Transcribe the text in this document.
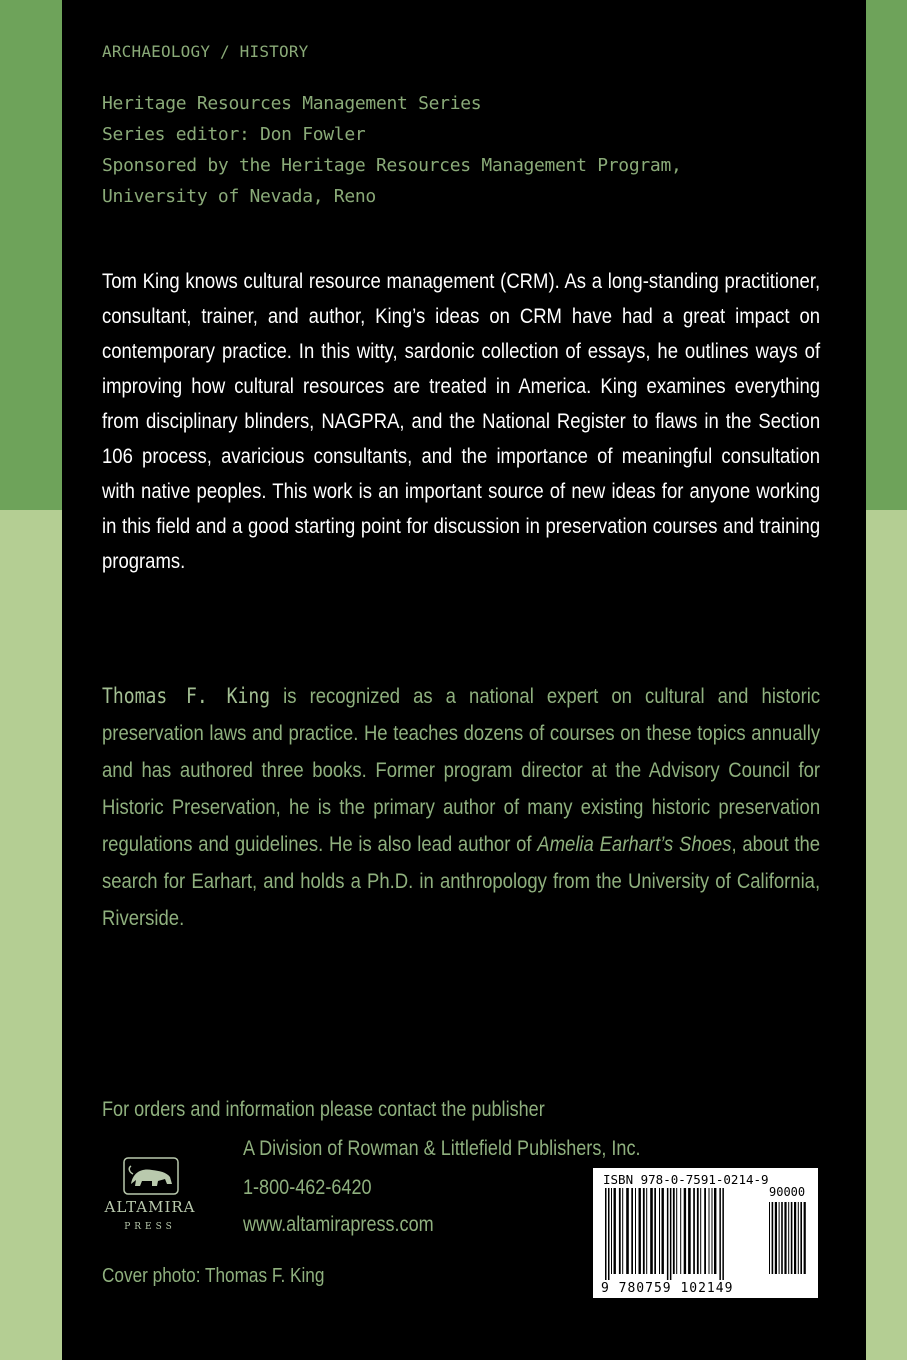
ARCHAEOLOGY / HISTORY
Heritage Resources Management Series
Series editor: Don Fowler
Sponsored by the Heritage Resources Management Program,
University of Nevada, Reno
Tom King knows cultural resource management (CRM). As a long-standing practitioner, consultant, trainer, and author, King’s ideas on CRM have had a great impact on contemporary practice. In this witty, sardonic collection of essays, he outlines ways of improving how cultural resources are treated in America. King examines everything from disciplinary blinders, NAGPRA, and the National Register to flaws in the Section 106 process, avaricious consultants, and the importance of meaningful consultation with native peoples. This work is an important source of new ideas for anyone working in this field and a good starting point for discussion in preservation courses and training programs.
Thomas F. King is recognized as a national expert on cultural and historic preservation laws and practice. He teaches dozens of courses on these topics annually and has authored three books. Former program director at the Advisory Council for Historic Preservation, he is the primary author of many existing historic preservation regulations and guidelines. He is also lead author of Amelia Earhart’s Shoes, about the search for Earhart, and holds a Ph.D. in anthropology from the University of California, Riverside.
For orders and information please contact the publisher
A Division of Rowman & Littlefield Publishers, Inc.
1-800-462-6420
www.altamirapress.com
ALTAMIRA
PRESS
Cover photo: Thomas F. King
ISBN 978-0-7591-0214-9
90000
9 780759 102149
